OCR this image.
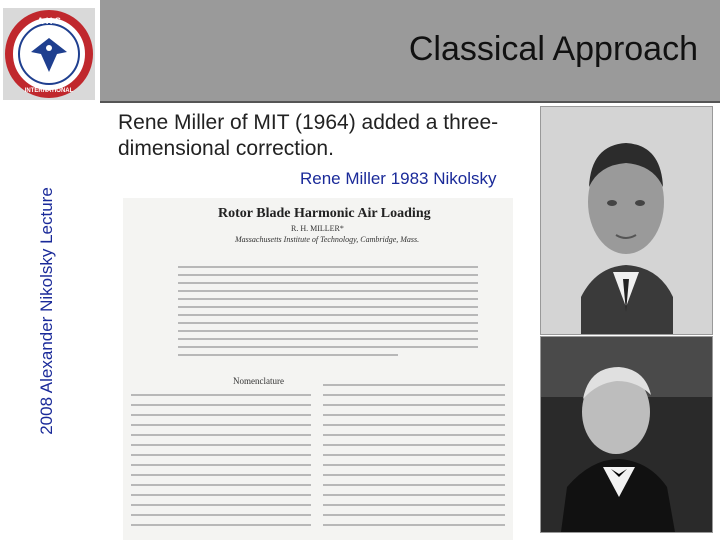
A H S
INTERNATIONAL
2008 Alexander Nikolsky Lecture
Classical Approach
Rene Miller of MIT (1964) added a three-dimensional correction.
Rene Miller 1983 Nikolsky
Rotor Blade Harmonic Air Loading
R. H. MILLER*
Massachusetts Institute of Technology, Cambridge, Mass.
Nomenclature
